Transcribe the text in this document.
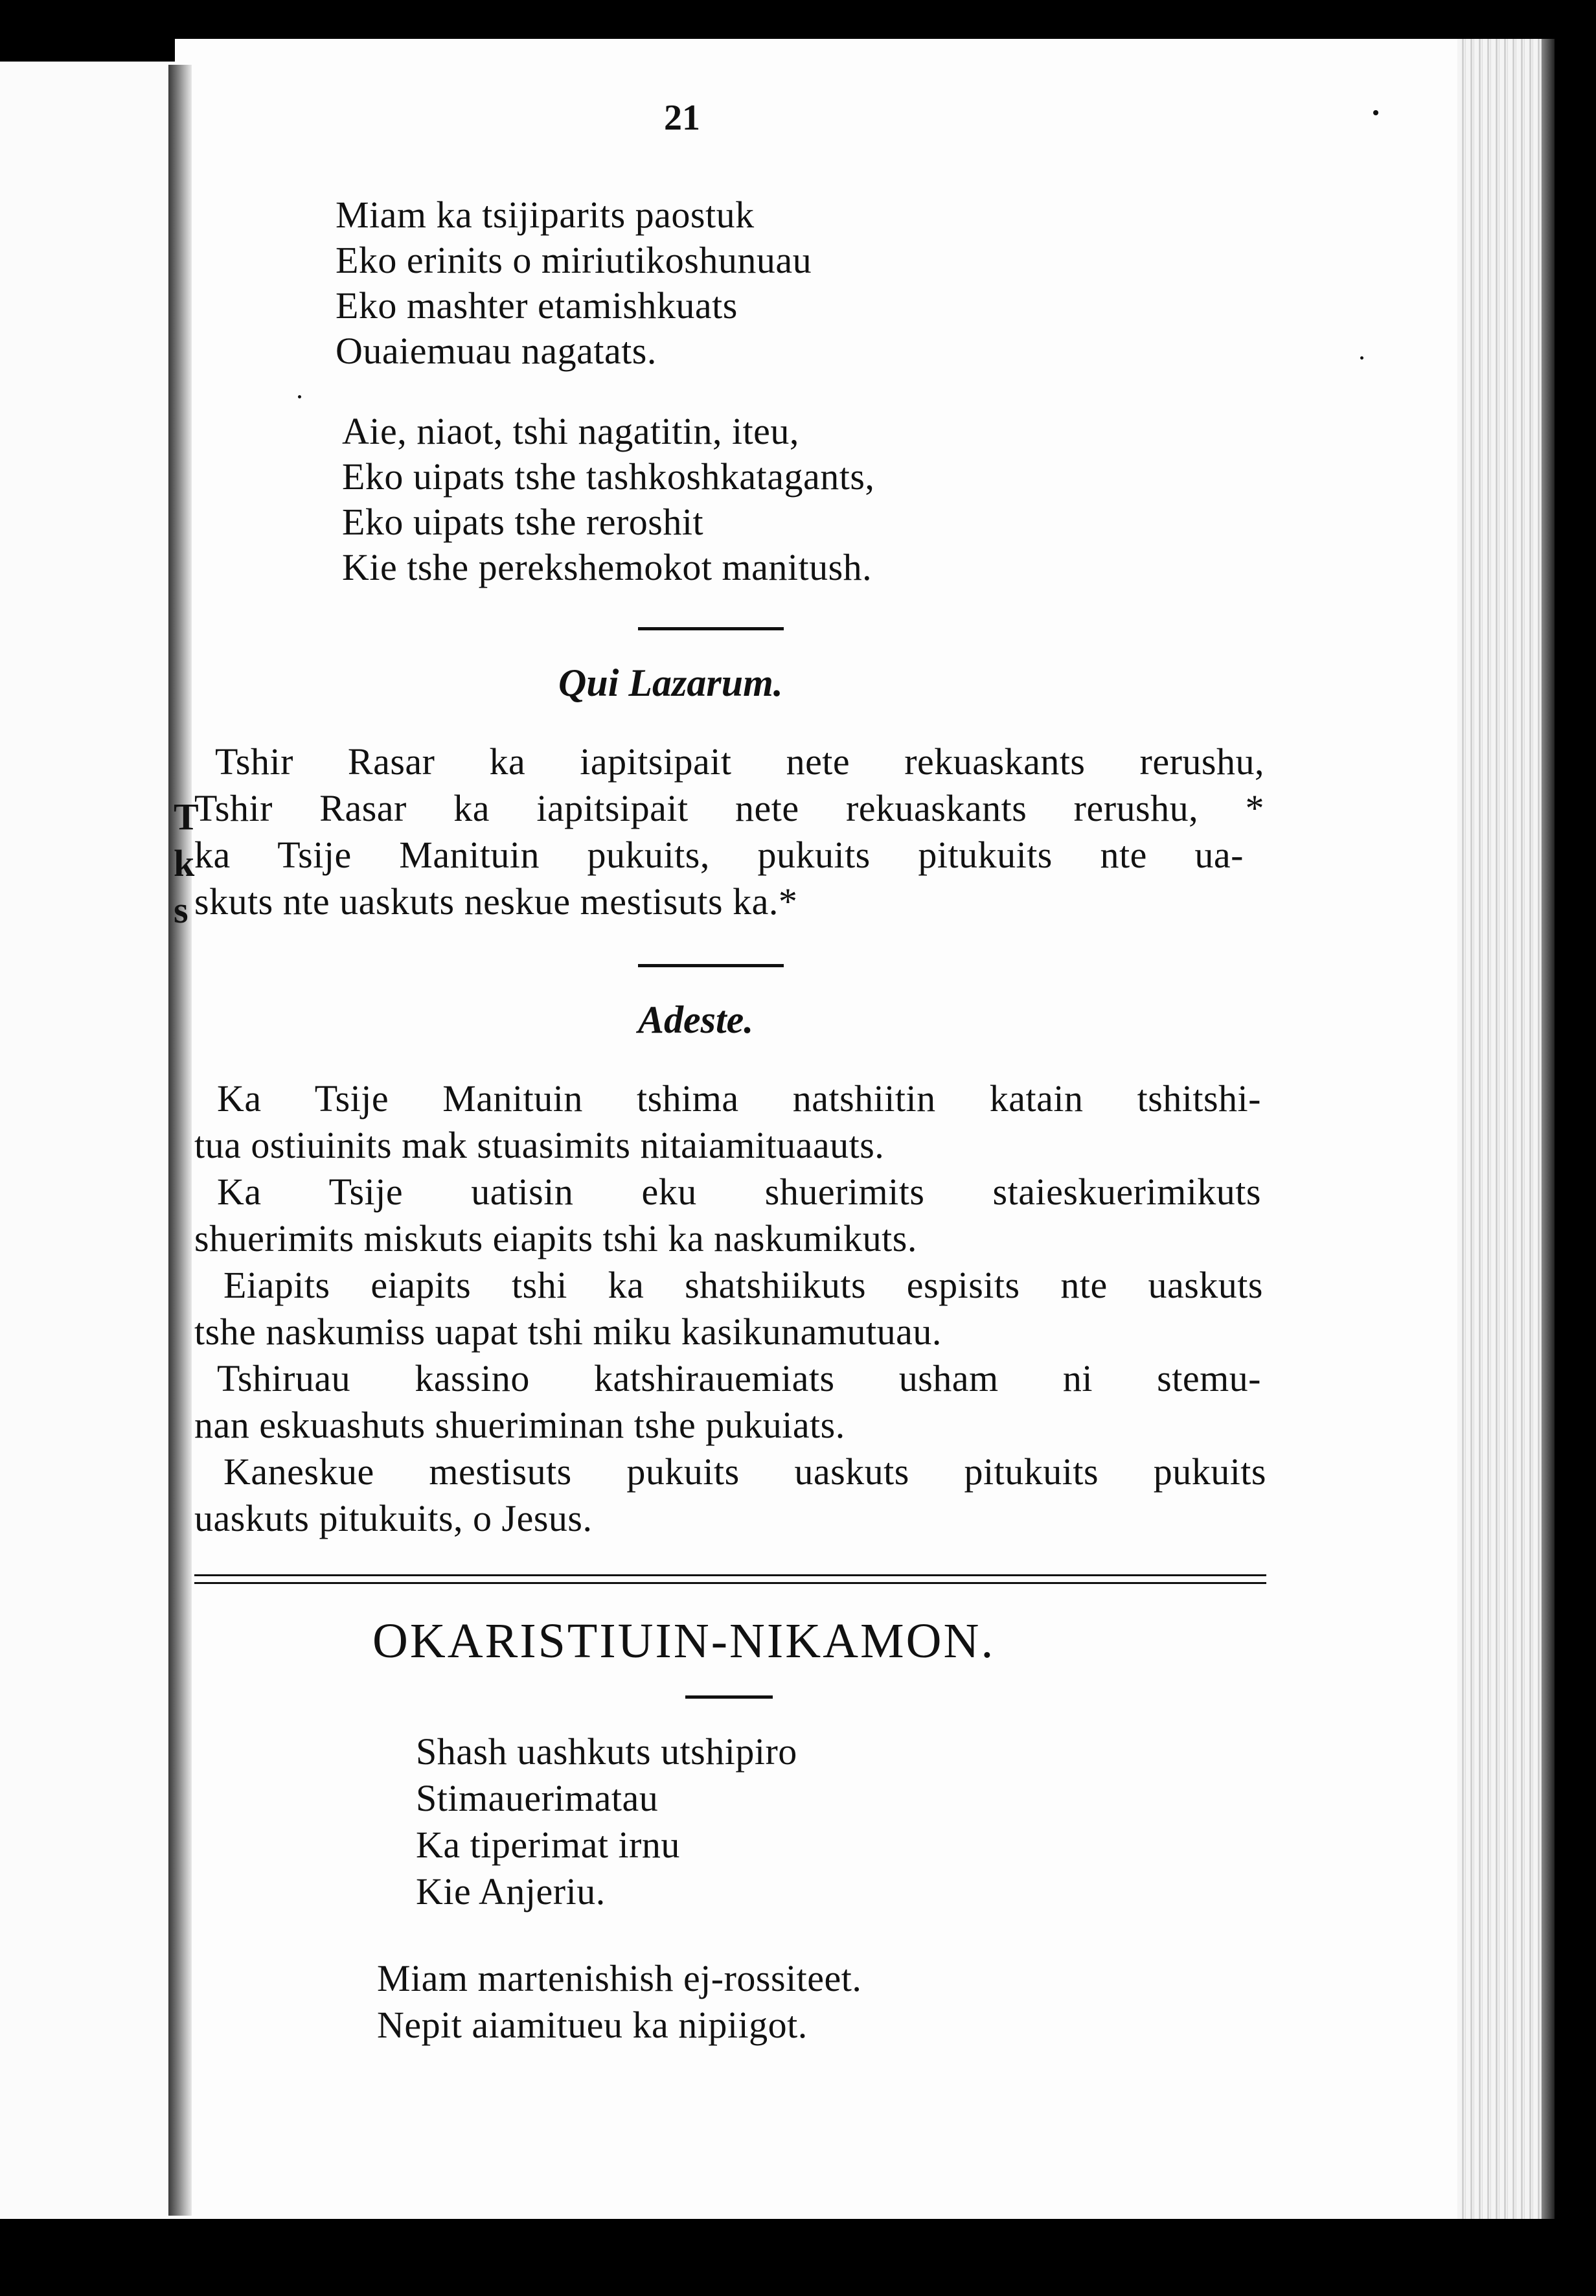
T
k
s
21
Miam ka tsijiparits paostuk
Eko erinits o miriutikoshunuau
Eko mashter etamishkuats
Ouaiemuau nagatats.
Aie, niaot, tshi nagatitin, iteu,
Eko uipats tshe tashkoshkatagants,
Eko uipats tshe reroshit
Kie tshe perekshemokot manitush.
Qui Lazarum.
Tshir Rasar ka iapitsipait nete rekuaskants rerushu,
Tshir Rasar ka iapitsipait nete rekuaskants rerushu, *
ka Tsije Manituin pukuits, pukuits pitukuits nte ua-
skuts nte uaskuts neskue mestisuts ka.*
Adeste.
Ka Tsije Manituin tshima natshiitin katain tshitshi-
tua ostiuinits mak stuasimits nitaiamituaauts.
Ka Tsije uatisin eku shuerimits staieskuerimikuts
shuerimits miskuts eiapits tshi ka naskumikuts.
Eiapits eiapits tshi ka shatshiikuts espisits nte uaskuts
tshe naskumiss uapat tshi miku kasikunamutuau.
Tshiruau kassino katshirauemiats usham ni stemu-
nan eskuashuts shueriminan tshe pukuiats.
Kaneskue mestisuts pukuits uaskuts pitukuits pukuits
uaskuts pitukuits, o Jesus.
OKARISTIUIN-NIKAMON.
Shash uashkuts utshipiro
Stimauerimatau
Ka tiperimat irnu
Kie Anjeriu.
Miam martenishish ej-rossiteet.
Nepit aiamitueu ka nipiigot.
